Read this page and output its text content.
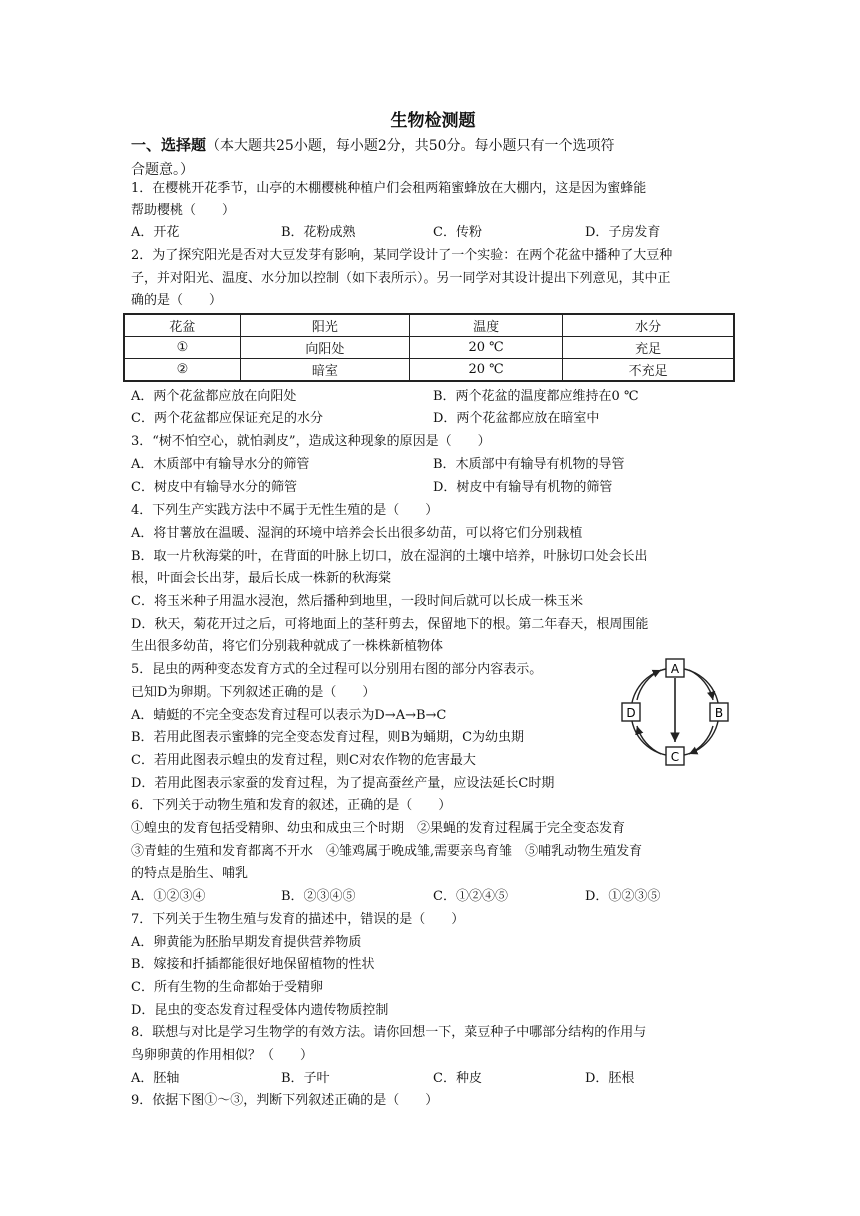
生物检测题
一、选择题（本大题共25小题，每小题2分，共50分。每小题只有一个选项符
合题意。）
1．在樱桃开花季节，山亭的木棚樱桃种植户们会租两箱蜜蜂放在大棚内，这是因为蜜蜂能
帮助樱桃（　　）
A．开花	B．花粉成熟	C．传粉	D．子房发育
2．为了探究阳光是否对大豆发芽有影响，某同学设计了一个实验：在两个花盆中播种了大豆种
子，并对阳光、温度、水分加以控制（如下表所示）。另一同学对其设计提出下列意见，其中正
确的是（　　）
花盆	阳光	温度	水分
①	向阳处	20 ℃	充足
②	暗室	20 ℃	不充足
A．两个花盆都应放在向阳处	B．两个花盆的温度都应维持在0 ℃
C．两个花盆都应保证充足的水分	D．两个花盆都应放在暗室中
3．“树不怕空心，就怕剥皮”，造成这种现象的原因是（　　）
A．木质部中有输导水分的筛管	B．木质部中有输导有机物的导管
C．树皮中有输导水分的筛管	D．树皮中有输导有机物的筛管
4．下列生产实践方法中不属于无性生殖的是（　　）
A．将甘薯放在温暖、湿润的环境中培养会长出很多幼苗，可以将它们分别栽植
B．取一片秋海棠的叶，在背面的叶脉上切口，放在湿润的土壤中培养，叶脉切口处会长出
根，叶面会长出芽，最后长成一株新的秋海棠
C．将玉米种子用温水浸泡，然后播种到地里，一段时间后就可以长成一株玉米
D．秋天，菊花开过之后，可将地面上的茎秆剪去，保留地下的根。第二年春天，根周围能
生出很多幼苗，将它们分别栽种就成了一株株新植物体
5．昆虫的两种变态发育方式的全过程可以分别用右图的部分内容表示。
已知D为卵期。下列叙述正确的是（　　）
A．蜻蜓的不完全变态发育过程可以表示为D→A→B→C
B．若用此图表示蜜蜂的完全变态发育过程，则B为蛹期，C为幼虫期
C．若用此图表示蝗虫的发育过程，则C对农作物的危害最大
D．若用此图表示家蚕的发育过程，为了提高蚕丝产量，应设法延长C时期
A
B
C
D
6．下列关于动物生殖和发育的叙述，正确的是（　　）
①蝗虫的发育包括受精卵、幼虫和成虫三个时期　②果蝇的发育过程属于完全变态发育
③青蛙的生殖和发育都离不开水　④雏鸡属于晚成雏,需要亲鸟育雏　⑤哺乳动物生殖发育
的特点是胎生、哺乳
A．①②③④	B．②③④⑤	C．①②④⑤	D．①②③⑤
7．下列关于生物生殖与发育的描述中，错误的是（　　）
A．卵黄能为胚胎早期发育提供营养物质
B．嫁接和扦插都能很好地保留植物的性状
C．所有生物的生命都始于受精卵
D．昆虫的变态发育过程受体内遗传物质控制
8．联想与对比是学习生物学的有效方法。请你回想一下，菜豆种子中哪部分结构的作用与
鸟卵卵黄的作用相似？（　　）
A．胚轴	B．子叶	C．种皮	D．胚根
9．依据下图①～③，判断下列叙述正确的是（　　）
